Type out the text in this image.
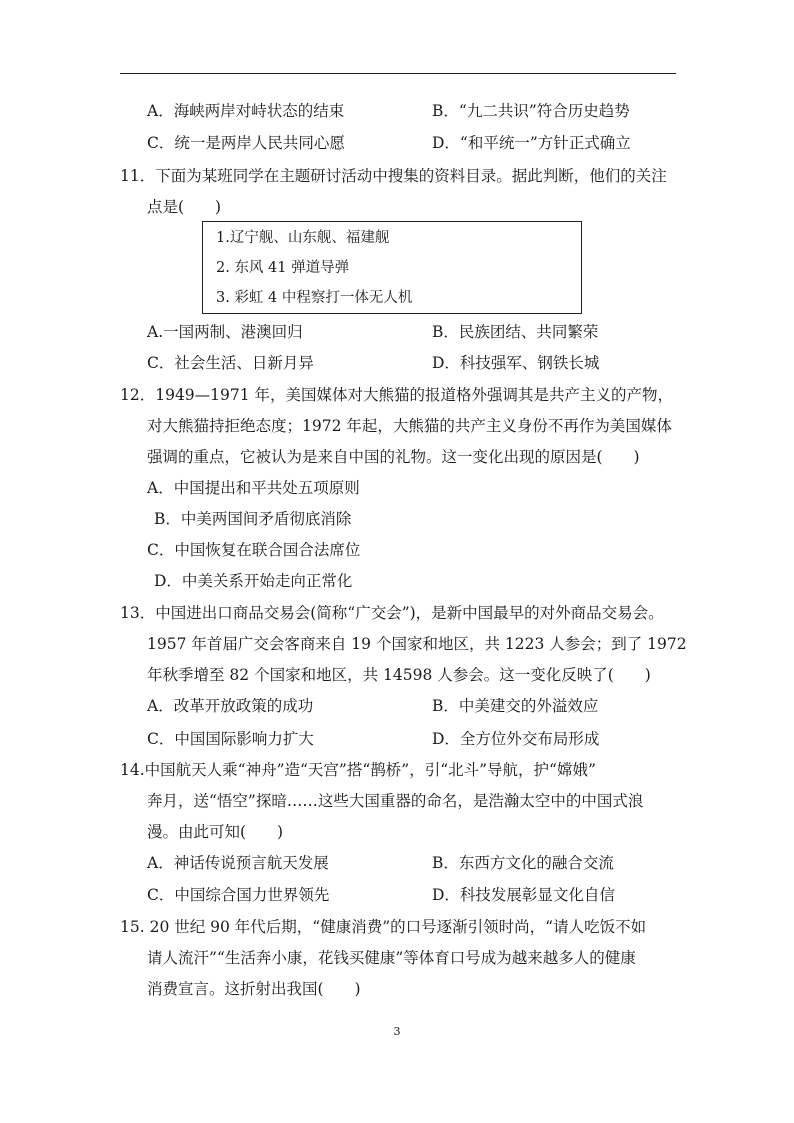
A．海峡两岸对峙状态的结束	B．“九二共识”符合历史趋势
C．统一是两岸人民共同心愿	D．“和平统一”方针正式确立
11．下面为某班同学在主题研讨活动中搜集的资料目录。据此判断，他们的关注
点是(　　)
1.辽宁舰、山东舰、福建舰
2. 东风 41 弹道导弹
3. 彩虹 4 中程察打一体无人机
A.一国两制、港澳回归	B．民族团结、共同繁荣
C．社会生活、日新月异	D．科技强军、钢铁长城
12．1949—1971 年，美国媒体对大熊猫的报道格外强调其是共产主义的产物，
对大熊猫持拒绝态度；1972 年起，大熊猫的共产主义身份不再作为美国媒体
强调的重点，它被认为是来自中国的礼物。这一变化出现的原因是(　　)
A．中国提出和平共处五项原则
B．中美两国间矛盾彻底消除
C．中国恢复在联合国合法席位
D．中美关系开始走向正常化
13．中国进出口商品交易会(简称“广交会”)，是新中国最早的对外商品交易会。
1957 年首届广交会客商来自 19 个国家和地区，共 1223 人参会；到了 1972
年秋季增至 82 个国家和地区，共 14598 人参会。这一变化反映了(　　)
A．改革开放政策的成功	B．中美建交的外溢效应
C．中国国际影响力扩大	D．全方位外交布局形成
14.中国航天人乘“神舟”造“天宫”搭“鹊桥”，引“北斗”导航，护“嫦娥”
奔月，送“悟空”探暗……这些大国重器的命名，是浩瀚太空中的中国式浪
漫。由此可知(　　)
A．神话传说预言航天发展	B．东西方文化的融合交流
C．中国综合国力世界领先	D．科技发展彰显文化自信
15. 20 世纪 90 年代后期，“健康消费”的口号逐渐引领时尚，“请人吃饭不如
请人流汗”“生活奔小康，花钱买健康”等体育口号成为越来越多人的健康
消费宣言。这折射出我国(　　)
3
